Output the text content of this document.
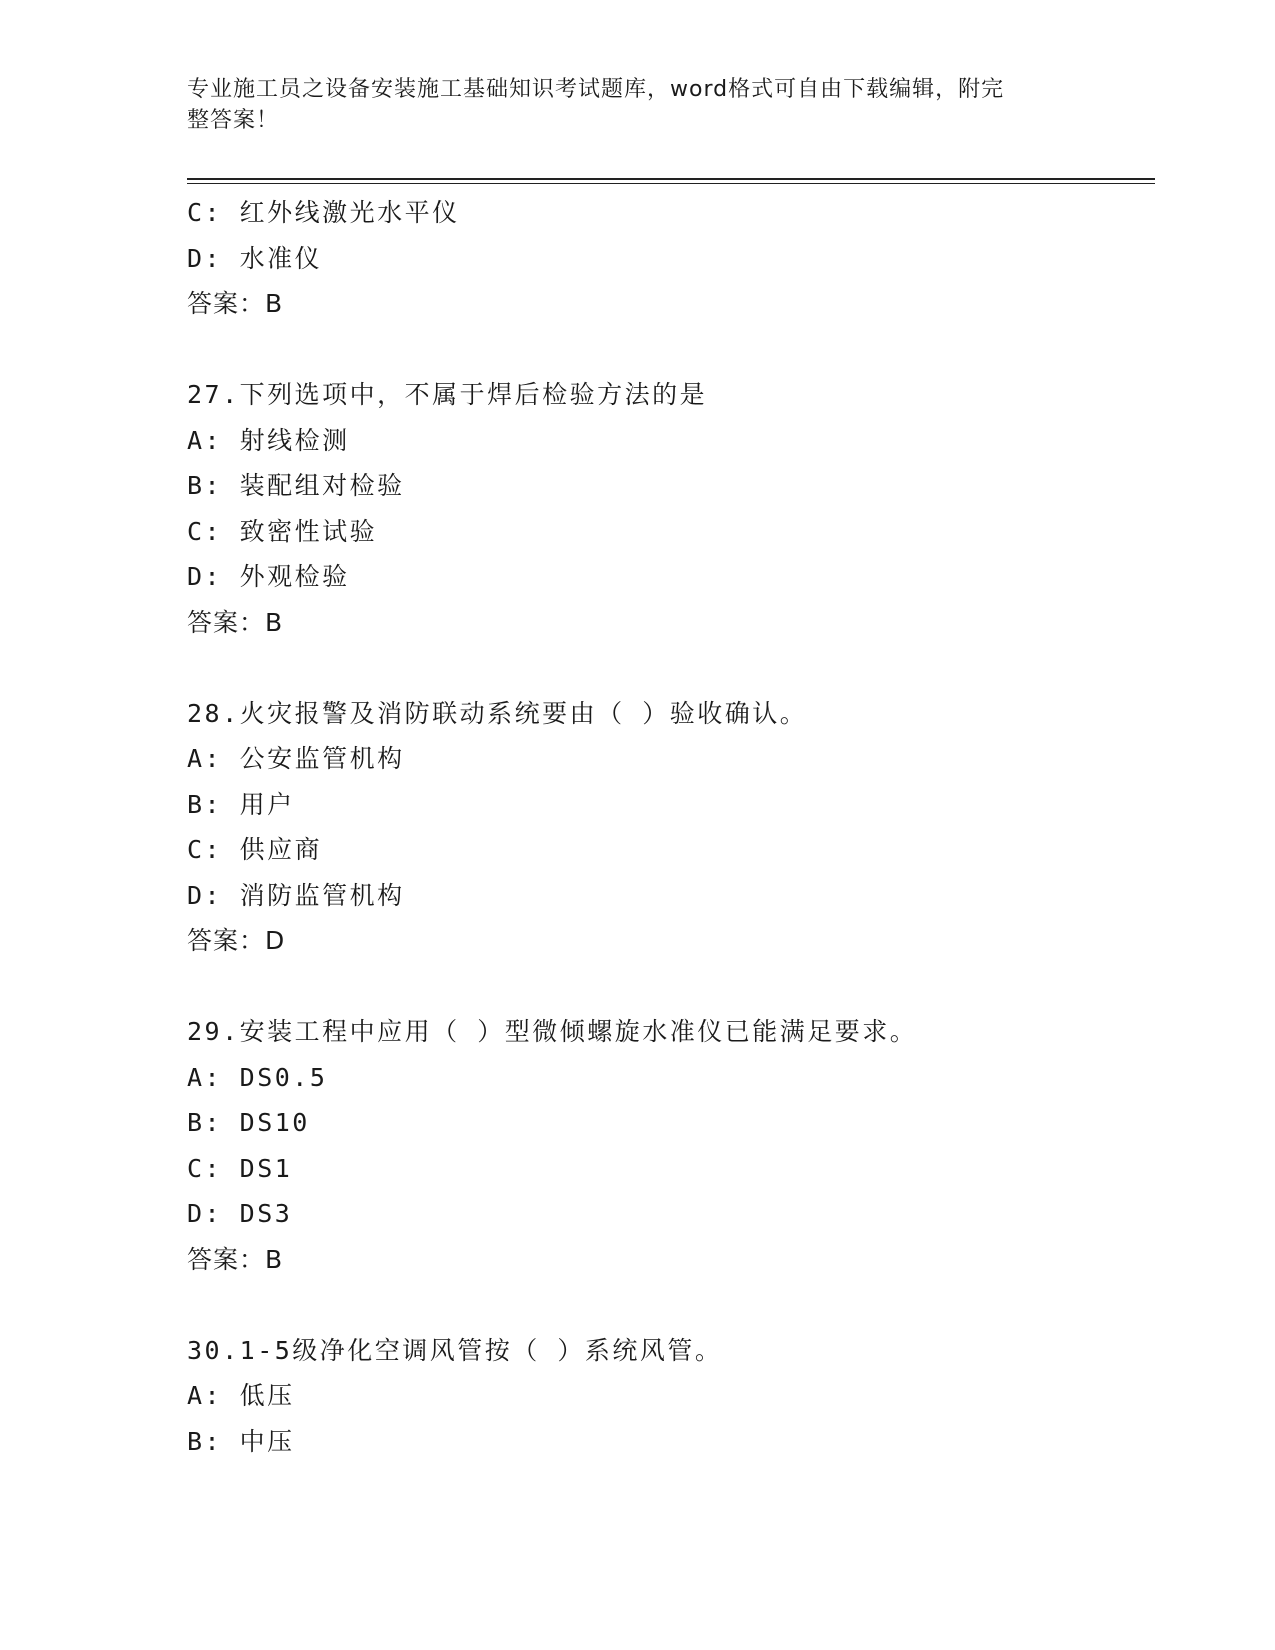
专业施工员之设备安装施工基础知识考试题库，word格式可自由下载编辑，附完
整答案！
C: 红外线激光水平仪
D: 水准仪
答案：B
27.下列选项中，不属于焊后检验方法的是
A: 射线检测
B: 装配组对检验
C: 致密性试验
D: 外观检验
答案：B
28.火灾报警及消防联动系统要由（ ）验收确认。
A: 公安监管机构
B: 用户
C: 供应商
D: 消防监管机构
答案：D
29.安装工程中应用（ ）型微倾螺旋水准仪已能满足要求。
A: DS0.5
B: DS10
C: DS1
D: DS3
答案：B
30.1-5级净化空调风管按（ ）系统风管。
A: 低压
B: 中压
